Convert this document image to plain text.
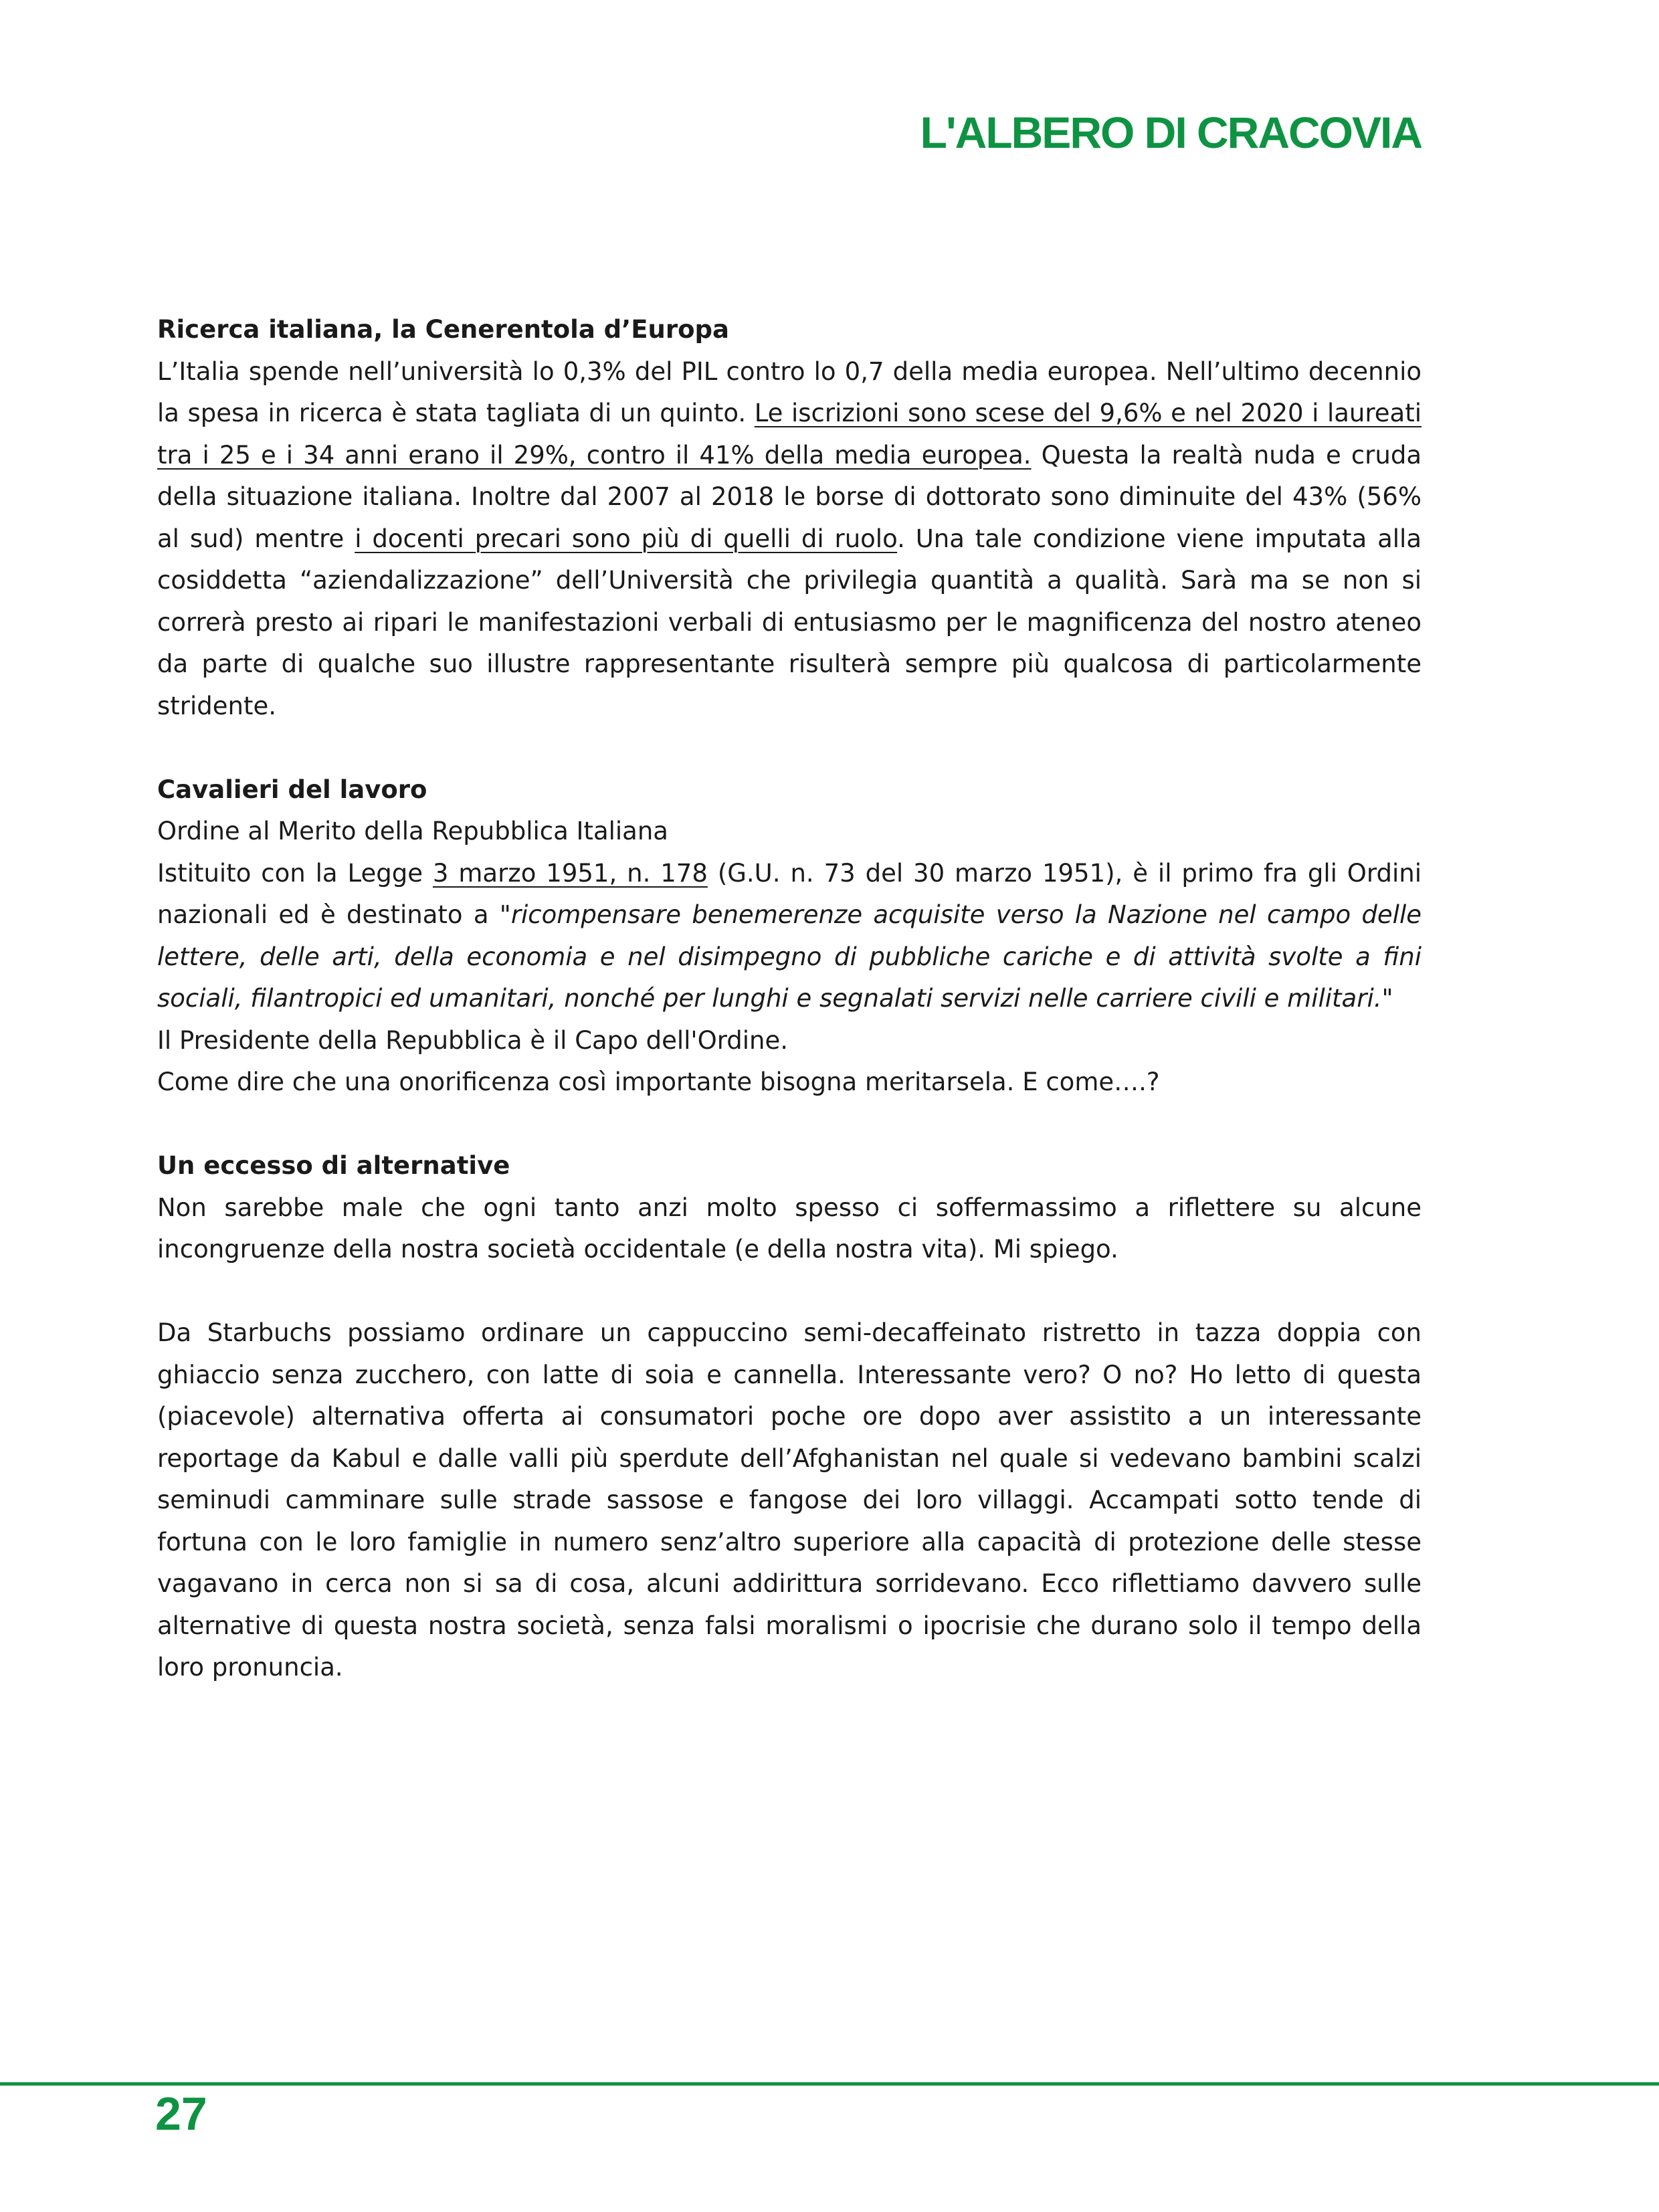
L'ALBERO DI CRACOVIA
Ricerca italiana, la Cenerentola d’Europa

L’Italia spende nell’università lo 0,3% del PIL contro lo 0,7 della media europea. Nell’ultimo decennio la spesa in ricerca è stata tagliata di un quinto. Le iscrizioni sono scese del 9,6% e nel 2020 i laureati tra i 25 e i 34 anni erano il 29%, contro il 41% della media europea. Questa la realtà nuda e cruda della situazione italiana. Inoltre dal 2007 al 2018 le borse di dottorato sono diminuite del 43% (56% al sud) mentre i docenti precari sono più di quelli di ruolo. Una tale condizione viene imputata alla cosiddetta “aziendalizzazione” dell’Università che privilegia quantità a qualità. Sarà ma se non si correrà presto ai ripari le manifestazioni verbali di entusiasmo per le magnificenza del nostro ateneo da parte di qualche suo illustre rappresentante risulterà sempre più qualcosa di particolarmente stridente.

Cavalieri del lavoro

Ordine al Merito della Repubblica Italiana

Istituito con la Legge 3 marzo 1951, n. 178 (G.U. n. 73 del 30 marzo 1951), è il primo fra gli Ordini nazionali ed è destinato a "ricompensare benemerenze acquisite verso la Nazione nel campo delle lettere, delle arti, della economia e nel disimpegno di pubbliche cariche e di attività svolte a fini sociali, filantropici ed umanitari, nonché per lunghi e segnalati servizi nelle carriere civili e militari."

Il Presidente della Repubblica è il Capo dell'Ordine.

Come dire che una onorificenza così importante bisogna meritarsela. E come….?

Un eccesso di alternative

Non sarebbe male che ogni tanto anzi molto spesso ci soffermassimo a riflettere su alcune incongruenze della nostra società occidentale (e della nostra vita). Mi spiego.

Da Starbuchs possiamo ordinare un cappuccino semi-decaffeinato ristretto in tazza doppia con ghiaccio senza zucchero, con latte di soia e cannella. Interessante vero? O no? Ho letto di questa (piacevole) alternativa offerta ai consumatori poche ore dopo aver assistito a un interessante reportage da Kabul e dalle valli più sperdute dell’Afghanistan nel quale si vedevano bambini scalzi seminudi camminare sulle strade sassose e fangose dei loro villaggi. Accampati sotto tende di fortuna con le loro famiglie in numero senz’altro superiore alla capacità di protezione delle stesse vagavano in cerca non si sa di cosa, alcuni addirittura sorridevano. Ecco riflettiamo davvero sulle alternative di questa nostra società, senza falsi moralismi o ipocrisie che durano solo il tempo della loro pronuncia.

27
